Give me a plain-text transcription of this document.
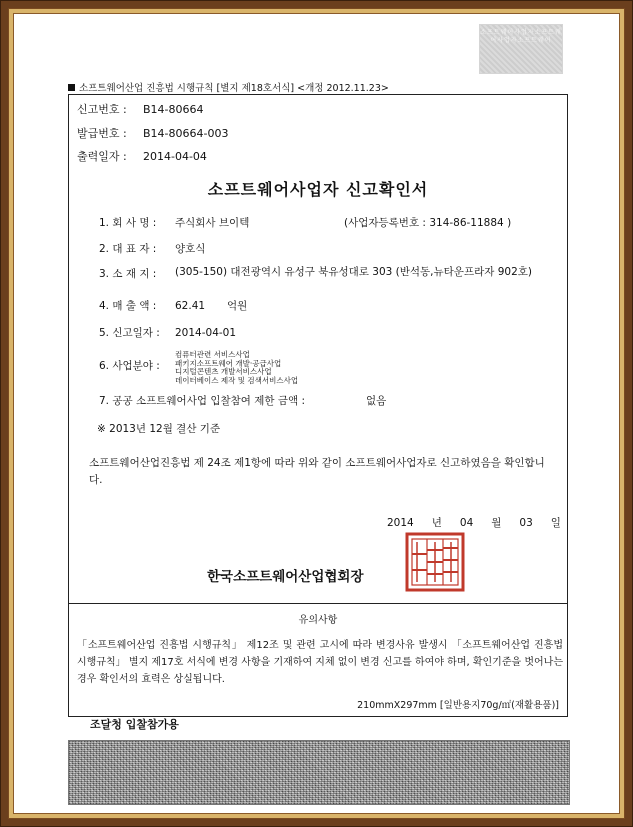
소프트웨어사업자소프트웨어사업자소프트웨어
소프트웨어산업 진흥법 시행규칙 [별지 제18호서식] <개정 2012.11.23>
신고번호 : B14-80664
발급번호 : B14-80664-003
출력일자 : 2014-04-04
소프트웨어사업자 신고확인서
1. 회 사 명 : 주식회사 브이텍	(사업자등록번호 : 314-86-11884 )
2. 대 표 자 : 양호식
3. 소 재 지 :	(305-150) 대전광역시 유성구 북유성대로 303 (반석동,뉴타운프라자 902호)
4. 매 출 액 : 62.41 억원
5. 신고일자 : 2014-04-01
6. 사업분야 :
컴퓨터관련 서비스사업
패키지소프트웨어 개발·공급사업
디지털콘텐츠 개발서비스사업
데이터베이스 제작 및 검색서비스사업
7. 공공 소프트웨어사업 입찰참여 제한 금액 :	없음
※ 2013년 12월 결산 기준
소프트웨어산업진흥법 제 24조 제1항에 따라 위와 같이 소프트웨어사업자로 신고하였음을 확인합니다.
2014 년 04 월 03 일
한국소프트웨어산업협회장
유의사항
「소프트웨어산업 진흥법 시행규칙」 제12조 및 관련 고시에 따라 변경사유 발생시 「소프트웨어산업 진흥법 시행규칙」 별지 제17호 서식에 변경 사항을 기재하여 지체 없이 변경 신고를 하여야 하며, 확인기준을 벗어나는 경우 확인서의 효력은 상실됩니다.
210mmX297mm [일반용지70g/㎡(재활용품)]
조달청 입찰참가용
